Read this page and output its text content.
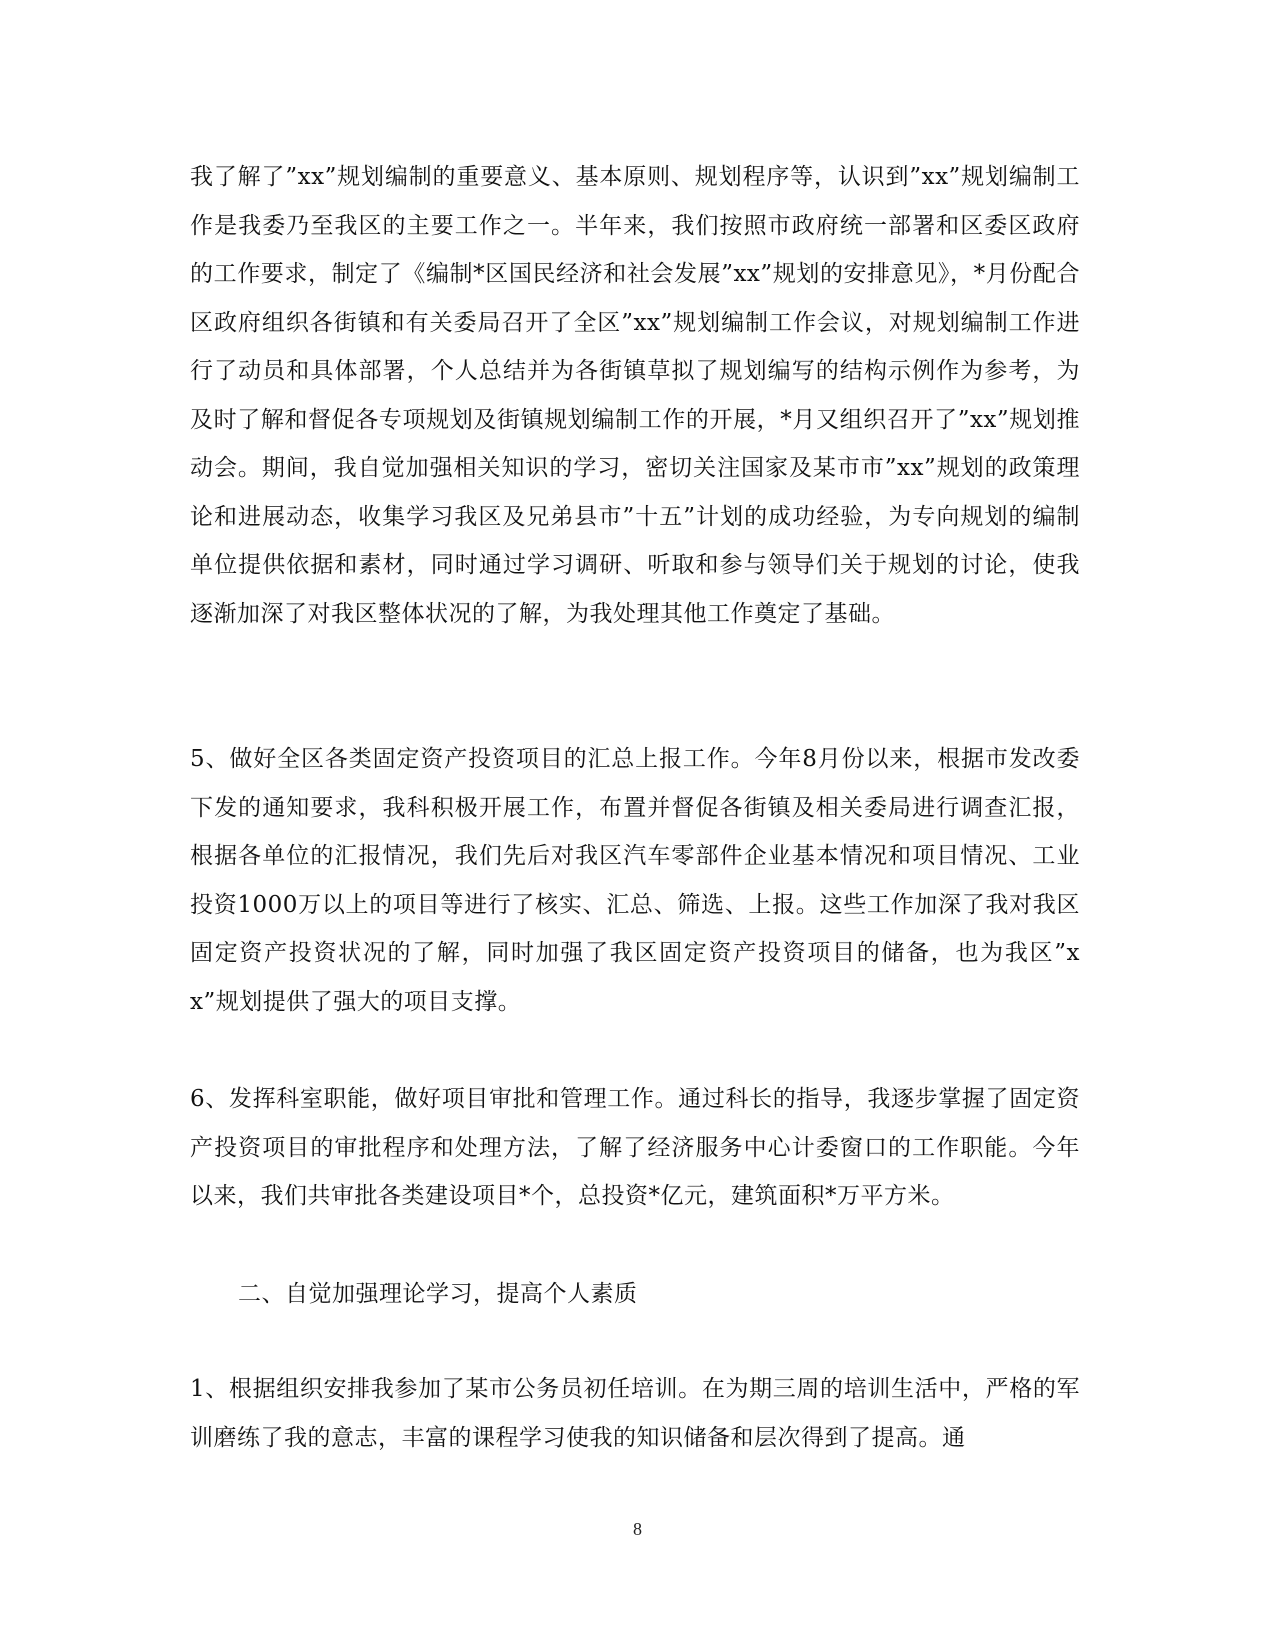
我了解了”xx”规划编制的重要意义、基本原则、规划程序等，认识到”xx”规划编制工作是我委乃至我区的主要工作之一。半年来，我们按照市政府统一部署和区委区政府的工作要求，制定了《编制*区国民经济和社会发展”xx”规划的安排意见》，*月份配合区政府组织各街镇和有关委局召开了全区”xx”规划编制工作会议，对规划编制工作进行了动员和具体部署，个人总结并为各街镇草拟了规划编写的结构示例作为参考，为及时了解和督促各专项规划及街镇规划编制工作的开展，*月又组织召开了”xx”规划推动会。期间，我自觉加强相关知识的学习，密切关注国家及某市市”xx”规划的政策理论和进展动态，收集学习我区及兄弟县市”十五”计划的成功经验，为专向规划的编制单位提供依据和素材，同时通过学习调研、听取和参与领导们关于规划的讨论，使我逐渐加深了对我区整体状况的了解，为我处理其他工作奠定了基础。

5、做好全区各类固定资产投资项目的汇总上报工作。今年8月份以来，根据市发改委下发的通知要求，我科积极开展工作，布置并督促各街镇及相关委局进行调查汇报，根据各单位的汇报情况，我们先后对我区汽车零部件企业基本情况和项目情况、工业投资1000万以上的项目等进行了核实、汇总、筛选、上报。这些工作加深了我对我区固定资产投资状况的了解，同时加强了我区固定资产投资项目的储备，也为我区”xx”规划提供了强大的项目支撑。

6、发挥科室职能，做好项目审批和管理工作。通过科长的指导，我逐步掌握了固定资产投资项目的审批程序和处理方法，了解了经济服务中心计委窗口的工作职能。今年以来，我们共审批各类建设项目*个，总投资*亿元，建筑面积*万平方米。

二、自觉加强理论学习，提高个人素质

1、根据组织安排我参加了某市公务员初任培训。在为期三周的培训生活中，严格的军训磨练了我的意志，丰富的课程学习使我的知识储备和层次得到了提高。通

8
